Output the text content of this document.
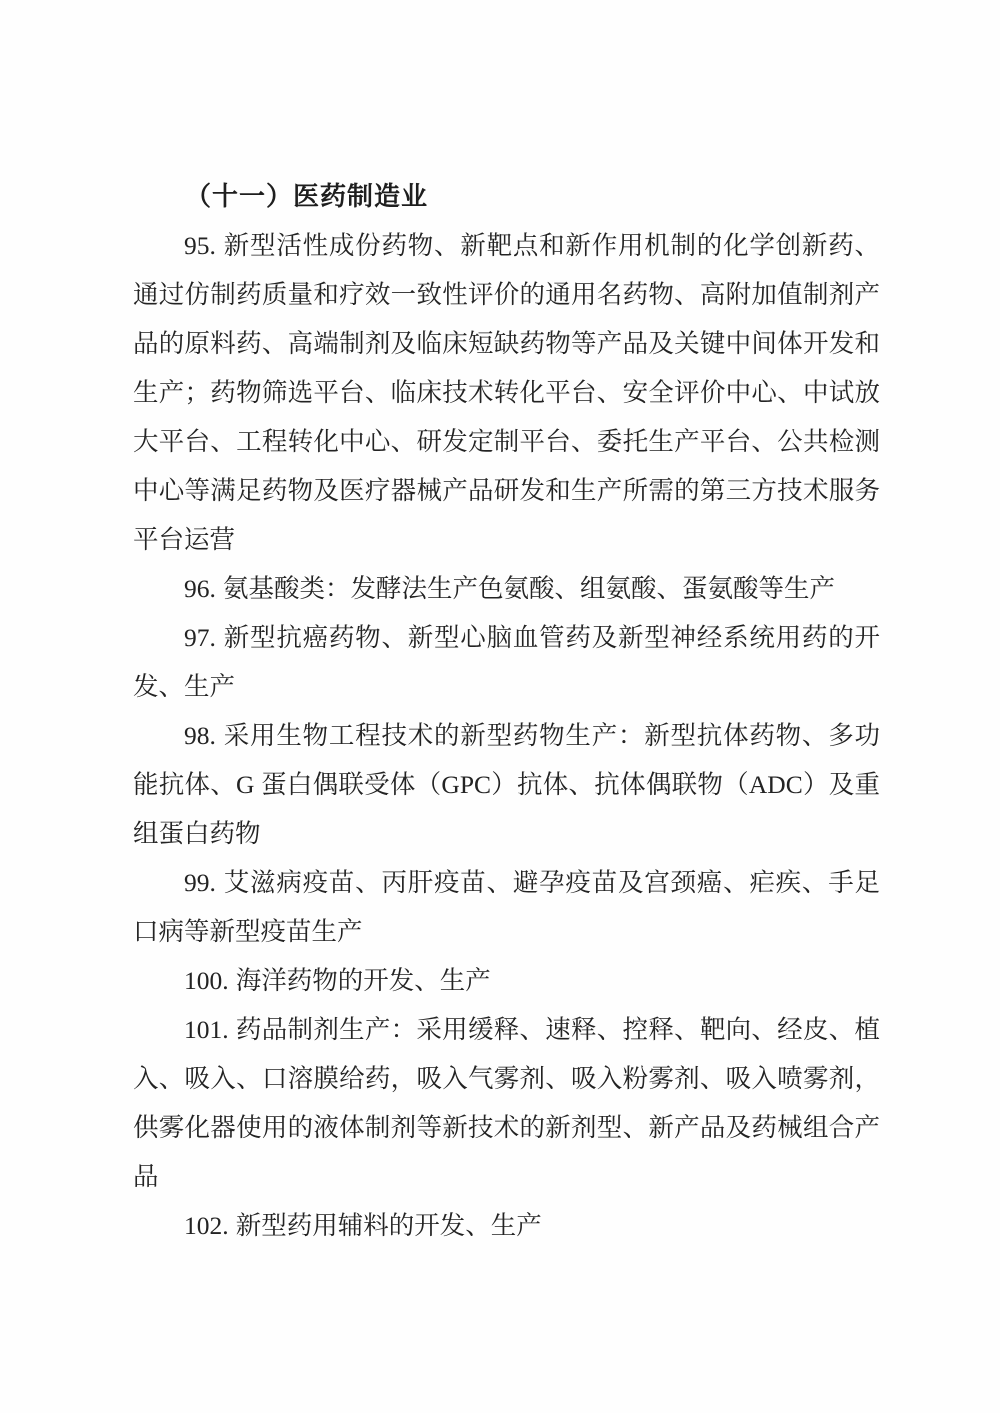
（十一）医药制造业

95. 新型活性成份药物、新靶点和新作用机制的化学创新药、通过仿制药质量和疗效一致性评价的通用名药物、高附加值制剂产品的原料药、高端制剂及临床短缺药物等产品及关键中间体开发和生产；药物筛选平台、临床技术转化平台、安全评价中心、中试放大平台、工程转化中心、研发定制平台、委托生产平台、公共检测中心等满足药物及医疗器械产品研发和生产所需的第三方技术服务平台运营

96. 氨基酸类：发酵法生产色氨酸、组氨酸、蛋氨酸等生产

97. 新型抗癌药物、新型心脑血管药及新型神经系统用药的开发、生产

98. 采用生物工程技术的新型药物生产：新型抗体药物、多功能抗体、G 蛋白偶联受体（GPC）抗体、抗体偶联物（ADC）及重组蛋白药物

99. 艾滋病疫苗、丙肝疫苗、避孕疫苗及宫颈癌、疟疾、手足口病等新型疫苗生产

100. 海洋药物的开发、生产

101. 药品制剂生产：采用缓释、速释、控释、靶向、经皮、植入、吸入、口溶膜给药，吸入气雾剂、吸入粉雾剂、吸入喷雾剂，供雾化器使用的液体制剂等新技术的新剂型、新产品及药械组合产品

102. 新型药用辅料的开发、生产
